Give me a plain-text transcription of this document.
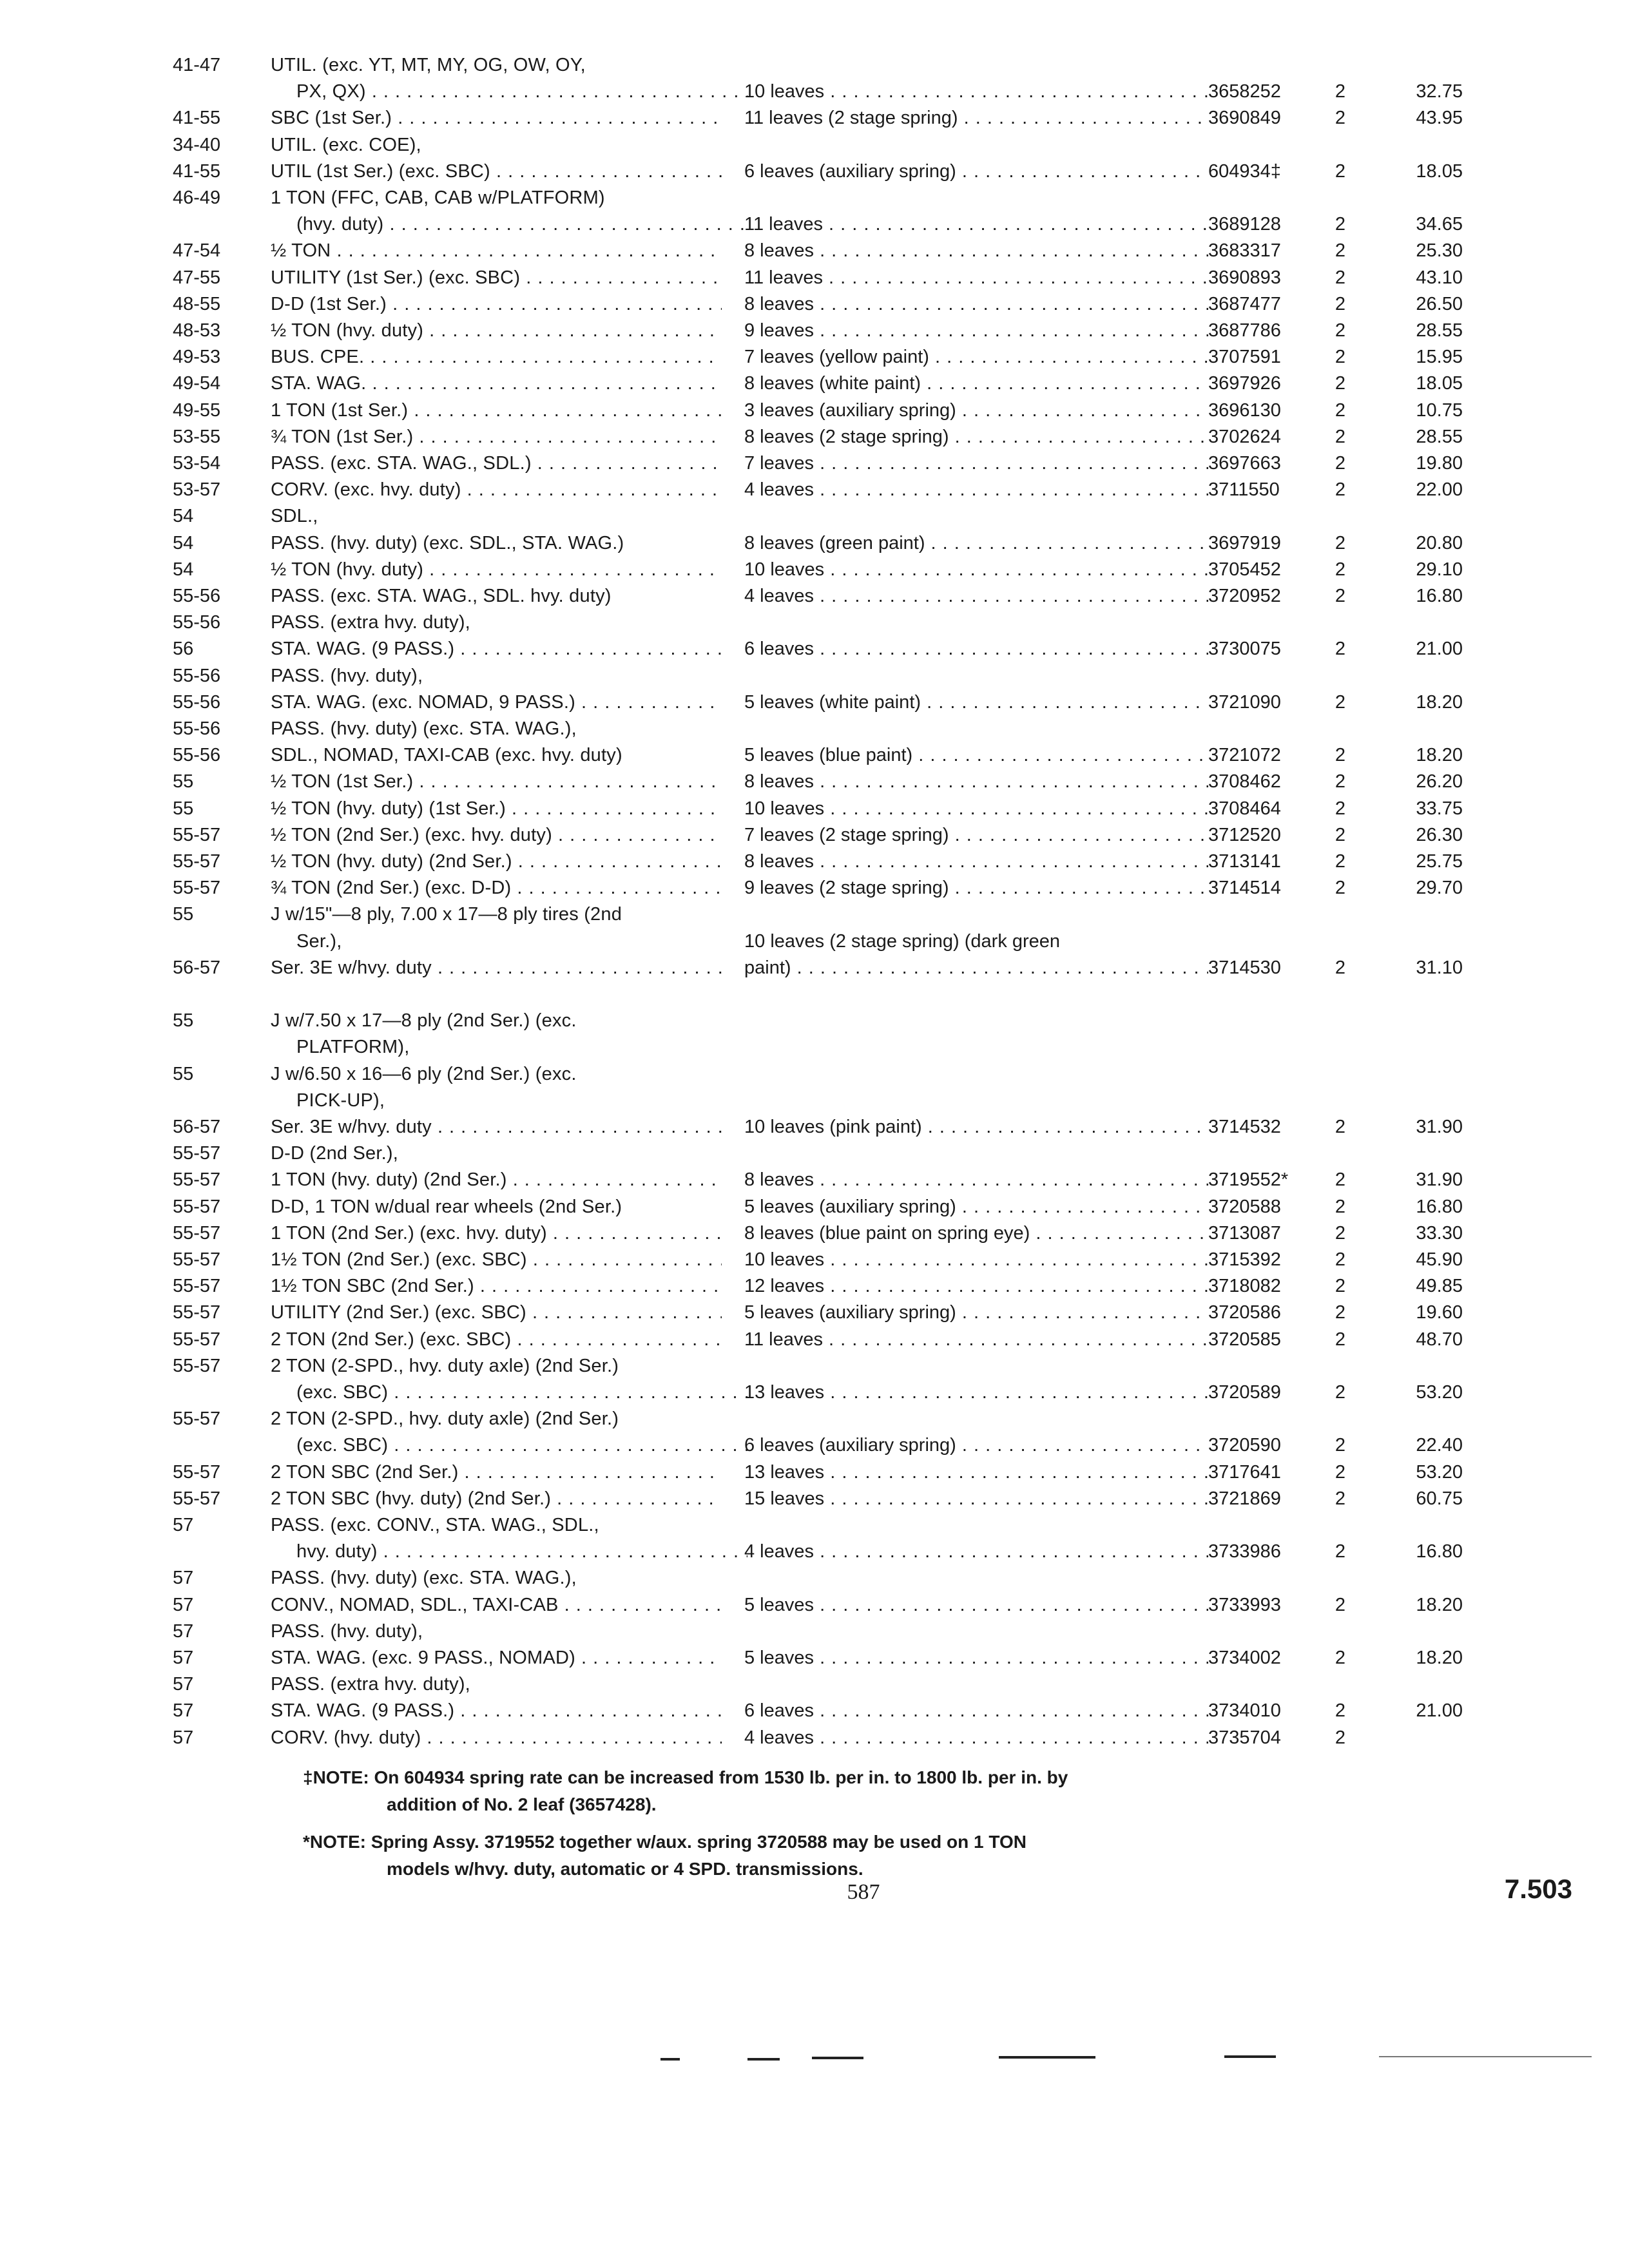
41-47	UTIL. (exc. YT, MT, MY, OG, OW, OY,
PX, QX) . . .	10 leaves . . .	3658252	2	32.75
41-55	SBC (1st Ser.) . . .	11 leaves (2 stage spring) . . .	3690849	2	43.95
34-40	UTIL. (exc. COE),
41-55	UTIL (1st Ser.) (exc. SBC) . . .	6 leaves (auxiliary spring) . . .	604934‡	2	18.05
46-49	1 TON (FFC, CAB, CAB w/PLATFORM)
(hvy. duty) . . .	11 leaves . . .	3689128	2	34.65
47-54	½ TON . . .	8 leaves . . .	3683317	2	25.30
47-55	UTILITY (1st Ser.) (exc. SBC) . . .	11 leaves . . .	3690893	2	43.10
48-55	D-D (1st Ser.) . . .	8 leaves . . .	3687477	2	26.50
48-53	½ TON (hvy. duty) . . .	9 leaves . . .	3687786	2	28.55
49-53	BUS. CPE. . . .	7 leaves (yellow paint) . . .	3707591	2	15.95
49-54	STA. WAG. . . .	8 leaves (white paint) . . .	3697926	2	18.05
49-55	1 TON (1st Ser.) . . .	3 leaves (auxiliary spring) . . .	3696130	2	10.75
53-55	¾ TON (1st Ser.) . . .	8 leaves (2 stage spring) . . .	3702624	2	28.55
53-54	PASS. (exc. STA. WAG., SDL.) . . .	7 leaves . . .	3697663	2	19.80
53-57	CORV. (exc. hvy. duty) . . .	4 leaves . . .	3711550	2	22.00
54	SDL.,
54	PASS. (hvy. duty) (exc. SDL., STA. WAG.)	8 leaves (green paint) . . .	3697919	2	20.80
54	½ TON (hvy. duty) . . .	10 leaves . . .	3705452	2	29.10
55-56	PASS. (exc. STA. WAG., SDL. hvy. duty)	4 leaves . . .	3720952	2	16.80
55-56	PASS. (extra hvy. duty),
56	STA. WAG. (9 PASS.) . . .	6 leaves . . .	3730075	2	21.00
55-56	PASS. (hvy. duty),
55-56	STA. WAG. (exc. NOMAD, 9 PASS.) . . .	5 leaves (white paint) . . .	3721090	2	18.20
55-56	PASS. (hvy. duty) (exc. STA. WAG.),
55-56	SDL., NOMAD, TAXI-CAB (exc. hvy. duty)	5 leaves (blue paint) . . .	3721072	2	18.20
55	½ TON (1st Ser.) . . .	8 leaves . . .	3708462	2	26.20
55	½ TON (hvy. duty) (1st Ser.) . . .	10 leaves . . .	3708464	2	33.75
55-57	½ TON (2nd Ser.) (exc. hvy. duty) . . .	7 leaves (2 stage spring) . . .	3712520	2	26.30
55-57	½ TON (hvy. duty) (2nd Ser.) . . .	8 leaves . . .	3713141	2	25.75
55-57	¾ TON (2nd Ser.) (exc. D-D) . . .	9 leaves (2 stage spring) . . .	3714514	2	29.70
55	J w/15"—8 ply, 7.00 x 17—8 ply tires (2nd
Ser.),	10 leaves (2 stage spring) (dark green
56-57	Ser. 3E w/hvy. duty . . .	paint) . . .	3714530	2	31.10
55	J w/7.50 x 17—8 ply (2nd Ser.) (exc.
PLATFORM),
55	J w/6.50 x 16—6 ply (2nd Ser.) (exc.
PICK-UP),
56-57	Ser. 3E w/hvy. duty . . .	10 leaves (pink paint) . . .	3714532	2	31.90
55-57	D-D (2nd Ser.),
55-57	1 TON (hvy. duty) (2nd Ser.) . . .	8 leaves . . .	3719552*	2	31.90
55-57	D-D, 1 TON w/dual rear wheels (2nd Ser.)	5 leaves (auxiliary spring) . . .	3720588	2	16.80
55-57	1 TON (2nd Ser.) (exc. hvy. duty) . . .	8 leaves (blue paint on spring eye) . . .	3713087	2	33.30
55-57	1½ TON (2nd Ser.) (exc. SBC) . . .	10 leaves . . .	3715392	2	45.90
55-57	1½ TON SBC (2nd Ser.) . . .	12 leaves . . .	3718082	2	49.85
55-57	UTILITY (2nd Ser.) (exc. SBC) . . .	5 leaves (auxiliary spring) . . .	3720586	2	19.60
55-57	2 TON (2nd Ser.) (exc. SBC) . . .	11 leaves . . .	3720585	2	48.70
55-57	2 TON (2-SPD., hvy. duty axle) (2nd Ser.)
(exc. SBC) . . .	13 leaves . . .	3720589	2	53.20
55-57	2 TON (2-SPD., hvy. duty axle) (2nd Ser.)
(exc. SBC) . . .	6 leaves (auxiliary spring) . . .	3720590	2	22.40
55-57	2 TON SBC (2nd Ser.) . . .	13 leaves . . .	3717641	2	53.20
55-57	2 TON SBC (hvy. duty) (2nd Ser.) . . .	15 leaves . . .	3721869	2	60.75
57	PASS. (exc. CONV., STA. WAG., SDL.,
hvy. duty) . . .	4 leaves . . .	3733986	2	16.80
57	PASS. (hvy. duty) (exc. STA. WAG.),
57	CONV., NOMAD, SDL., TAXI-CAB . . .	5 leaves . . .	3733993	2	18.20
57	PASS. (hvy. duty),
57	STA. WAG. (exc. 9 PASS., NOMAD) . . .	5 leaves . . .	3734002	2	18.20
57	PASS. (extra hvy. duty),
57	STA. WAG. (9 PASS.) . . .	6 leaves . . .	3734010	2	21.00
57	CORV. (hvy. duty) . . .	4 leaves . . .	3735704	2
‡NOTE: On 604934 spring rate can be increased from 1530 lb. per in. to 1800 lb. per in. by
addition of No. 2 leaf (3657428).
*NOTE: Spring Assy. 3719552 together w/aux. spring 3720588 may be used on 1 TON
models w/hvy. duty, automatic or 4 SPD. transmissions.
587	7.503
